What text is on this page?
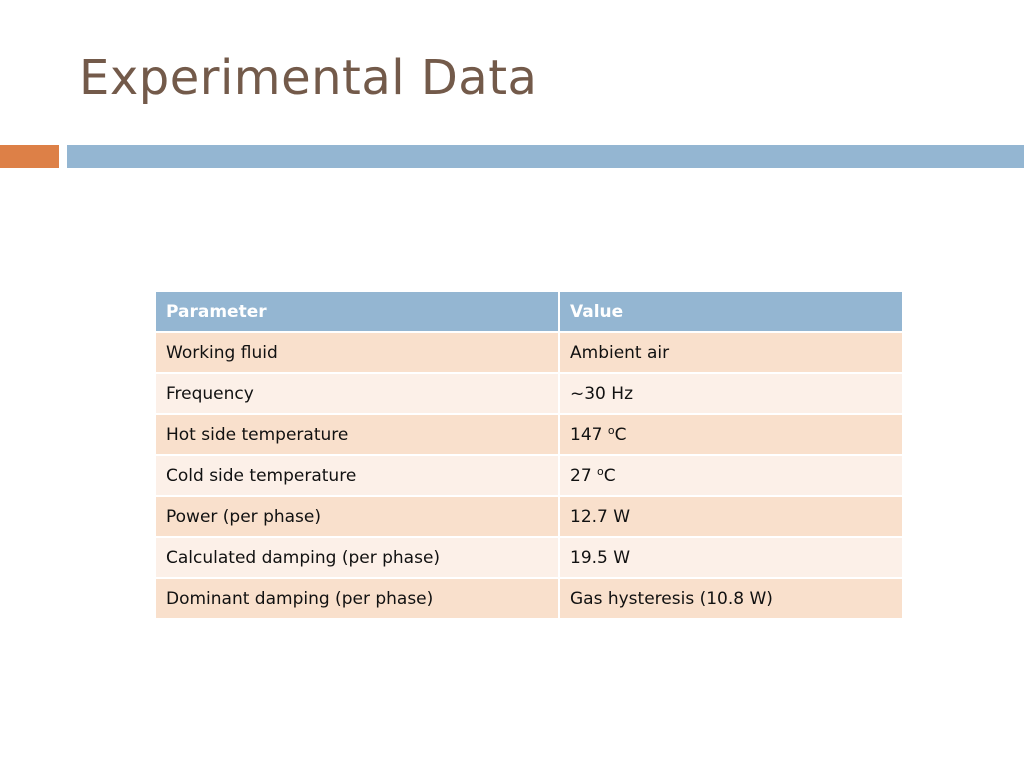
Experimental Data
Parameter	Value
Working fluid	Ambient air
Frequency	~30 Hz
Hot side temperature	147 $^o$C
Cold side temperature	27 $^o$C
Power (per phase)	12.7 W
Calculated damping (per phase)	19.5 W
Dominant damping (per phase)	Gas hysteresis (10.8 W)
